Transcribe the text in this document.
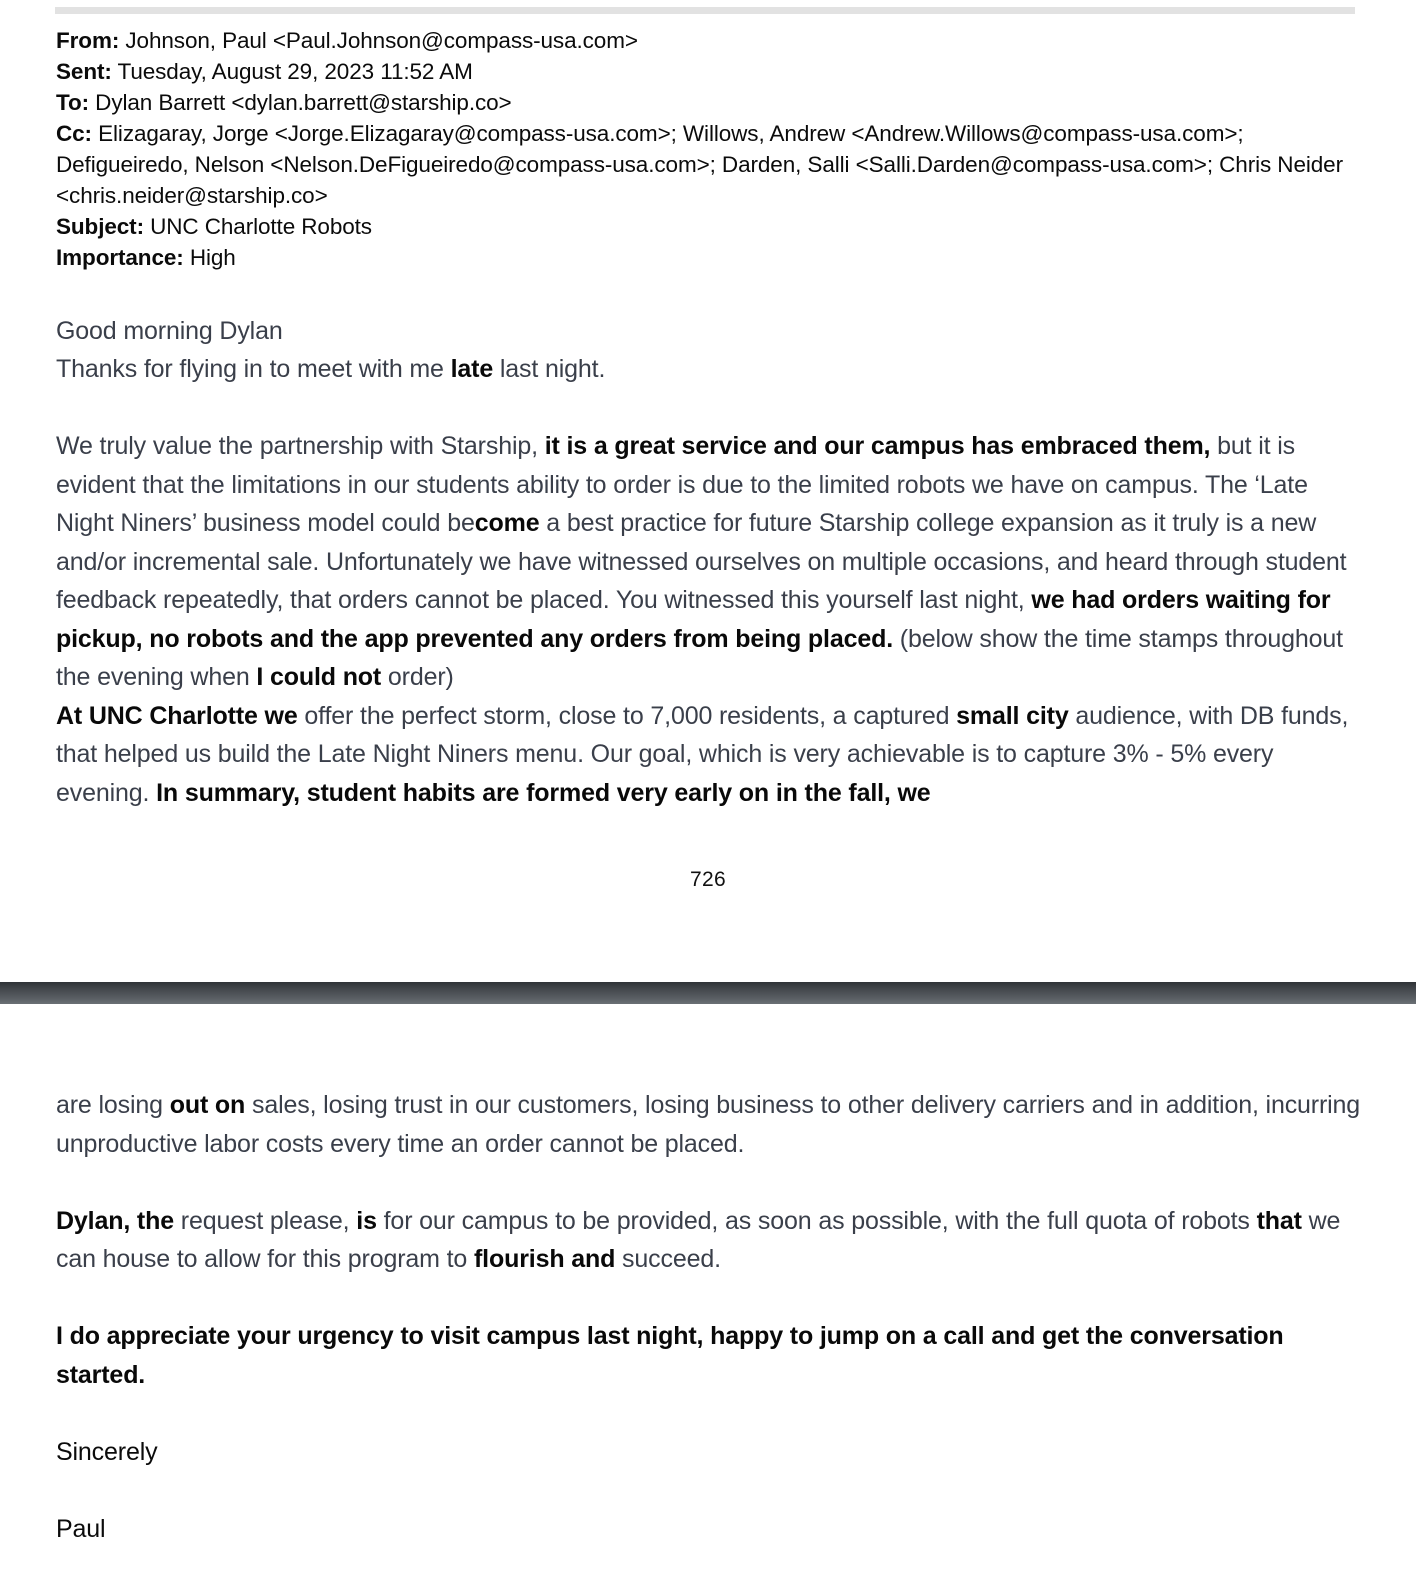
From: Johnson, Paul <Paul.Johnson@compass-usa.com>
Sent: Tuesday, August 29, 2023 11:52 AM
To: Dylan Barrett <dylan.barrett@starship.co>
Cc: Elizagaray, Jorge <Jorge.Elizagaray@compass-usa.com>; Willows, Andrew <Andrew.Willows@compass-usa.com>; Defigueiredo, Nelson <Nelson.DeFigueiredo@compass-usa.com>; Darden, Salli <Salli.Darden@compass-usa.com>; Chris Neider <chris.neider@starship.co>
Subject: UNC Charlotte Robots
Importance: High

Good morning Dylan

Thanks for flying in to meet with me late last night.

We truly value the partnership with Starship, it is a great service and our campus has embraced them, but it is evident that the limitations in our students ability to order is due to the limited robots we have on campus. The ‘Late Night Niners’ business model could become a best practice for future Starship college expansion as it truly is a new and/or incremental sale. Unfortunately we have witnessed ourselves on multiple occasions, and heard through student feedback repeatedly, that orders cannot be placed. You witnessed this yourself last night, we had orders waiting for pickup, no robots and the app prevented any orders from being placed. (below show the time stamps throughout the evening when I could not order)

At UNC Charlotte we offer the perfect storm, close to 7,000 residents, a captured small city audience, with DB funds, that helped us build the Late Night Niners menu. Our goal, which is very achievable is to capture 3% - 5% every evening. In summary, student habits are formed very early on in the fall, we

726

are losing out on sales, losing trust in our customers, losing business to other delivery carriers and in addition, incurring unproductive labor costs every time an order cannot be placed.

Dylan, the request please, is for our campus to be provided, as soon as possible, with the full quota of robots that we can house to allow for this program to flourish and succeed.

I do appreciate your urgency to visit campus last night, happy to jump on a call and get the conversation started.

Sincerely

Paul
